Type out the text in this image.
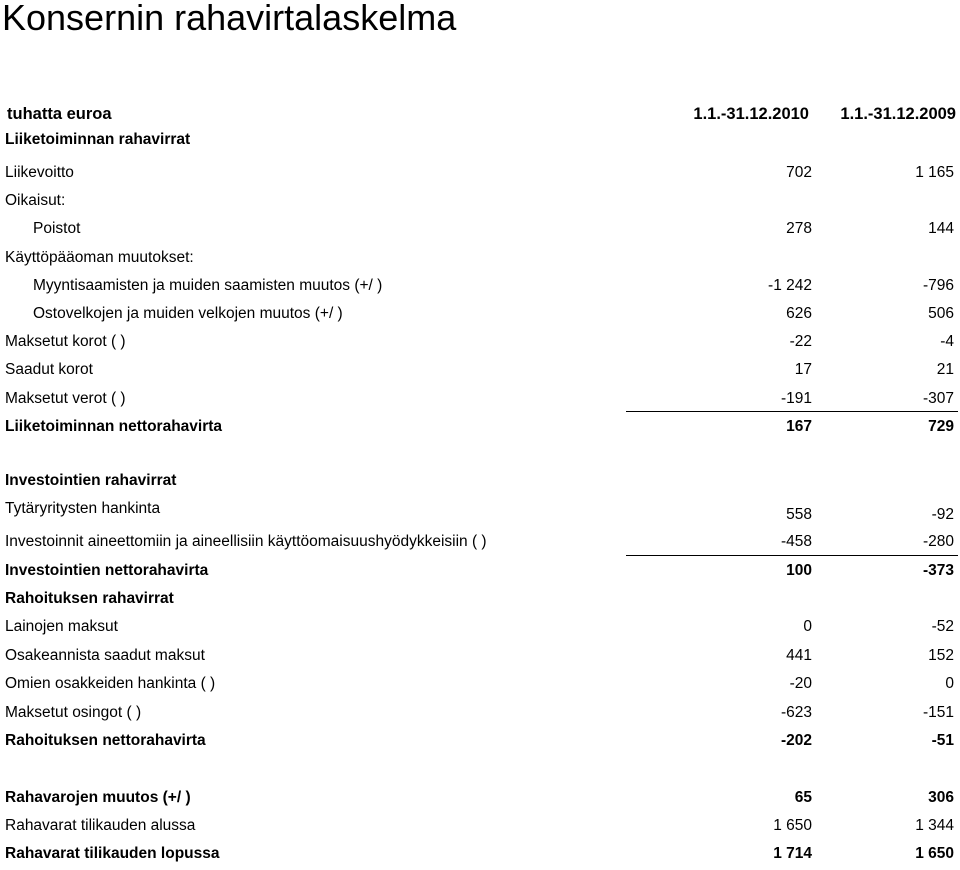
Konsernin rahavirtalaskelma
tuhatta euroa	1.1.-31.12.2010 1.1.-31.12.2009
Liiketoiminnan rahavirrat
Liikevoitto	702	1 165
Oikaisut:
Poistot	278	144
Käyttöpääoman muutokset:
Myyntisaamisten ja muiden saamisten muutos (+/ )	-1 242	-796
Ostovelkojen ja muiden velkojen muutos (+/ )	626	506
Maksetut korot ( )	-22	-4
Saadut korot	17	21
Maksetut verot ( )	-191	-307
Liiketoiminnan nettorahavirta	167	729
Investointien rahavirrat
Tytäryritysten hankinta	558	-92
Investoinnit aineettomiin ja aineellisiin käyttöomaisuushyödykkeisiin ( )	-458	-280
Investointien nettorahavirta	100	-373
Rahoituksen rahavirrat
Lainojen maksut	0	-52
Osakeannista saadut maksut	441	152
Omien osakkeiden hankinta ( )	-20	0
Maksetut osingot ( )	-623	-151
Rahoituksen nettorahavirta	-202	-51
Rahavarojen muutos (+/ )	65	306
Rahavarat tilikauden alussa	1 650	1 344
Rahavarat tilikauden lopussa	1 714	1 650
